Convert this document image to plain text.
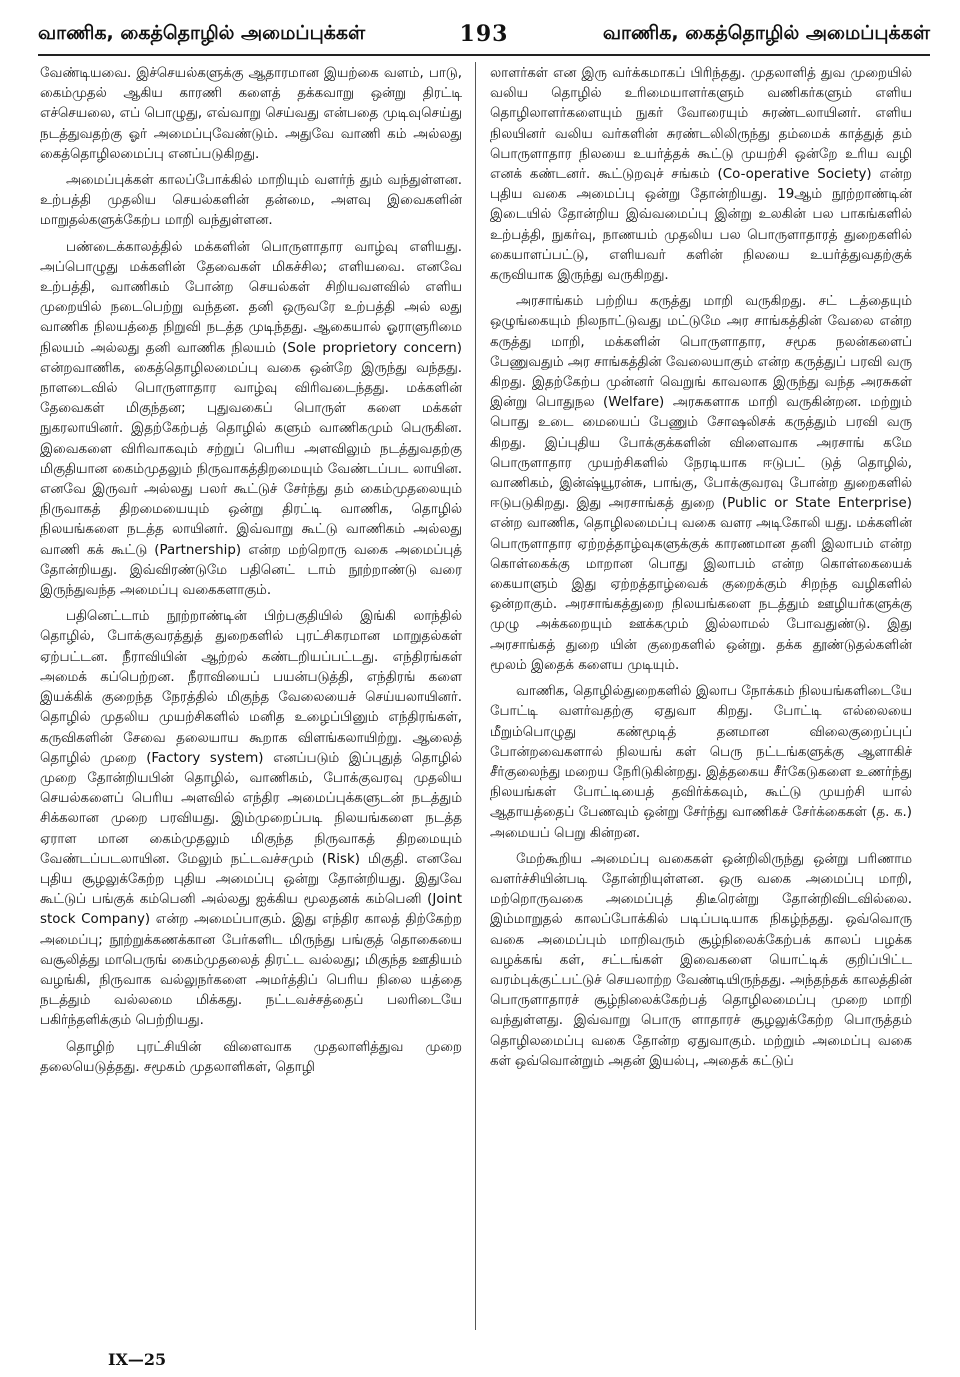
வாணிக, கைத்தொழில் அமைப்புக்கள்	193	வாணிக, கைத்தொழில் அமைப்புக்கள்

வேண்டியவை. இச்செயல்களுக்கு ஆதாரமான இயற்கை வளம், பாடு, கைம்முதல் ஆகிய காரணி களைத் தக்கவாறு ஒன்று திரட்டி எச்செயலை, எப் பொழுது, எவ்வாறு செய்வது என்பதை முடிவுசெய்து நடத்துவதற்கு ஓர் அமைப்புவேண்டும். அதுவே வாணி கம் அல்லது கைத்தொழிலமைப்பு எனப்படுகிறது.

அமைப்புக்கள் காலப்போக்கில் மாறியும் வளர்ந் தும் வந்துள்ளன. உற்பத்தி முதலிய செயல்களின் தன்மை, அளவு இவைகளின் மாறுதல்களுக்கேற்ப மாறி வந்துள்ளன.

பண்டைக்காலத்தில் மக்களின் பொருளாதார வாழ்வு எளியது. அப்பொழுது மக்களின் தேவைகள் மிகச்சில; எளியவை. எனவே உற்பத்தி, வாணிகம் போன்ற செயல்கள் சிறியவளவில் எளிய முறையில் நடைபெற்று வந்தன. தனி ஒருவரே உற்பத்தி அல் லது வாணிக நிலயத்தை நிறுவி நடத்த முடிந்தது. ஆகையால் ஓராளுரிமை நிலயம் அல்லது தனி வாணிக நிலயம் (Sole proprietory concern) என்றவாணிக, கைத்தொழிலமைப்பு வகை ஒன்றே இருந்து வந்தது. நாளடைவில் பொருளாதார வாழ்வு விரிவடைந்தது. மக்களின் தேவைகள் மிகுந்தன; புதுவகைப் பொருள் களை மக்கள் நுகரலாயினர். இதற்கேற்பத் தொழில் களும் வாணிகமும் பெருகின. இவைகளை விரிவாகவும் சற்றுப் பெரிய அளவிலும் நடத்துவதற்கு மிகுதியான கைம்முதலும் நிருவாகத்திறமையும் வேண்டப்பட லாயின. எனவே இருவர் அல்லது பலர் கூட்டுச் சேர்ந்து தம் கைம்முதலையும் நிருவாகத் திறமையையும் ஒன்று திரட்டி வாணிக, தொழில் நிலயங்களை நடத்த லாயினர். இவ்வாறு கூட்டு வாணிகம் அல்லது வாணி கக் கூட்டு (Partnership) என்ற மற்றொரு வகை அமைப்புத் தோன்றியது. இவ்விரண்டுமே பதினெட் டாம் நூற்றாண்டு வரை இருந்துவந்த அமைப்பு வகைகளாகும்.

பதினெட்டாம் நூற்றாண்டின் பிற்பகுதியில் இங்கி லாந்தில் தொழில், போக்குவரத்துத் துறைகளில் புரட்சிகரமான மாறுதல்கள் ஏற்பட்டன. நீராவியின் ஆற்றல் கண்டறியப்பட்டது. எந்திரங்கள் அமைக் கப்பெற்றன. நீராவியைப் பயன்படுத்தி, எந்திரங் களை இயக்கிக் குறைந்த நேரத்தில் மிகுந்த வேலையைச் செய்யலாயினர். தொழில் முதலிய முயற்சிகளில் மனித உழைப்பினும் எந்திரங்கள், கருவிகளின் சேவை தலையாய கூறாக விளங்கலாயிற்று. ஆலைத் தொழில் முறை (Factory system) எனப்படும் இப்புதுத் தொழில் முறை தோன்றியபின் தொழில், வாணிகம், போக்குவரவு முதலிய செயல்களைப் பெரிய அளவில் எந்திர அமைப்புக்களுடன் நடத்தும் சிக்கலான முறை பரவியது. இம்முறைப்படி நிலயங்களை நடத்த ஏராள மான கைம்முதலும் மிகுந்த நிருவாகத் திறமையும் வேண்டப்படலாயின. மேலும் நட்டவச்சமும் (Risk) மிகுதி. எனவே புதிய சூழலுக்கேற்ற புதிய அமைப்பு ஒன்று தோன்றியது. இதுவே கூட்டுப் பங்குக் கம்பெனி அல்லது ஐக்கிய மூலதனக் கம்பெனி (Joint stock Company) என்ற அமைப்பாகும். இது எந்திர காலத் திற்கேற்ற அமைப்பு; நூற்றுக்கணக்கான பேர்களிட மிருந்து பங்குத் தொகையை வசூலித்து மாபெருங் கைம்முதலைத் திரட்ட வல்லது; மிகுந்த ஊதியம் வழங்கி, நிருவாக வல்லுநர்களை அமர்த்திப் பெரிய நிலை யத்தை நடத்தும் வல்லமை மிக்கது. நட்டவச்சத்தைப் பலரிடையே பகிர்ந்தளிக்கும் பெற்றியது.

தொழிற் புரட்சியின் விளைவாக முதலாளித்துவ முறை தலையெடுத்தது. சமூகம் முதலாளிகள், தொழி

லாளர்கள் என இரு வர்க்கமாகப் பிரிந்தது. முதலாளித் துவ முறையில் வலிய தொழில் உரிமையாளர்களும் வணிகர்களும் எளிய தொழிலாளர்களையும் நுகர் வோரையும் சுரண்டலாயினர். எளிய நிலயினர் வலிய வர்களின் சுரண்டலிலிருந்து தம்மைக் காத்துத் தம் பொருளாதார நிலயை உயர்த்தக் கூட்டு முயற்சி ஒன்றே உரிய வழி எனக் கண்டனர். கூட்டுறவுச் சங்கம் (Co-operative Society) என்ற புதிய வகை அமைப்பு ஒன்று தோன்றியது. 19ஆம் நூற்றாண்டின் இடையில் தோன்றிய இவ்வமைப்பு இன்று உலகின் பல பாகங்களில் உற்பத்தி, நுகர்வு, நாணயம் முதலிய பல பொருளாதாரத் துறைகளில் கையாளப்பட்டு, எளியவர் களின் நிலயை உயர்த்துவதற்குக் கருவியாக இருந்து வருகிறது.

அரசாங்கம் பற்றிய கருத்து மாறி வருகிறது. சட் டத்தையும் ஒழுங்கையும் நிலநாட்டுவது மட்டுமே அர சாங்கத்தின் வேலை என்ற கருத்து மாறி, மக்களின் பொருளாதார, சமூக நலன்களைப் பேணுவதும் அர சாங்கத்தின் வேலையாகும் என்ற கருத்துப் பரவி வரு கிறது. இதற்கேற்ப முன்னர் வெறுங் காவலாக இருந்து வந்த அரசுகள் இன்று பொதுநல (Welfare) அரசுகளாக மாறி வருகின்றன. மற்றும் பொது உடை மையைப் பேணும் சோஷலிசக் கருத்தும் பரவி வரு கிறது. இப்புதிய போக்குக்களின் விளைவாக அரசாங் கமே பொருளாதார முயற்சிகளில் நேரடியாக ஈடுபட் டுத் தொழில், வாணிகம், இன்ஷ்யூரன்சு, பாங்கு, போக்குவரவு போன்ற துறைகளில் ஈடுபடுகிறது. இது அரசாங்கத் துறை (Public or State Enterprise) என்ற வாணிக, தொழிலமைப்பு வகை வளர அடிகோலி யது. மக்களின் பொருளாதார ஏற்றத்தாழ்வுகளுக்குக் காரணமான தனி இலாபம் என்ற கொள்கைக்கு மாறான பொது இலாபம் என்ற கொள்கையைக் கையாளும் இது ஏற்றத்தாழ்வைக் குறைக்கும் சிறந்த வழிகளில் ஒன்றாகும். அரசாங்கத்துறை நிலயங்களை நடத்தும் ஊழியர்களுக்கு முழு அக்கறையும் ஊக்கமும் இல்லாமல் போவதுண்டு. இது அரசாங்கத் துறை யின் குறைகளில் ஒன்று. தக்க தூண்டுதல்களின் மூலம் இதைக் களைய முடியும்.

வாணிக, தொழில்துறைகளில் இலாப நோக்கம் நிலயங்களிடையே போட்டி வளர்வதற்கு ஏதுவா கிறது. போட்டி எல்லையை மீறும்பொழுது கண்மூடித் தனமான விலைகுறைப்புப் போன்றவைகளால் நிலயங் கள் பெரு நட்டங்களுக்கு ஆளாகிச் சீர்குலைந்து மறைய நேரிடுகின்றது. இத்தகைய சீர்கேடுகளை உணர்ந்து நிலயங்கள் போட்டியைத் தவிர்க்கவும், கூட்டு முயற்சி யால் ஆதாயத்தைப் பேணவும் ஒன்று சேர்ந்து வாணிகச் சேர்க்கைகள் (த. க.) அமையப் பெறு கின்றன.

மேற்கூறிய அமைப்பு வகைகள் ஒன்றிலிருந்து ஒன்று பரிணாம வளர்ச்சியின்படி தோன்றியுள்ளன. ஒரு வகை அமைப்பு மாறி, மற்றொருவகை அமைப்புத் திடீரென்று தோன்றிவிடவில்லை. இம்மாறுதல் காலப்போக்கில் படிப்படியாக நிகழ்ந்தது. ஒவ்வொரு வகை அமைப்பும் மாறிவரும் சூழ்நிலைக்கேற்பக் காலப் பழக்க வழக்கங் கள், சட்டங்கள் இவைகளை யொட்டிக் குறிப்பிட்ட வரம்புக்குட்பட்டுச் செயலாற்ற வேண்டியிருந்தது. அந்தந்தக் காலத்தின் பொருளாதாரச் சூழ்நிலைக்கேற்பத் தொழிலமைப்பு முறை மாறி வந்துள்ளது. இவ்வாறு பொரு ளாதாரச் சூழலுக்கேற்ற பொருத்தம் தொழிலமைப்பு வகை தோன்ற ஏதுவாகும். மற்றும் அமைப்பு வகை கள் ஒவ்வொன்றும் அதன் இயல்பு, அதைக் கட்டுப்

IX—25
